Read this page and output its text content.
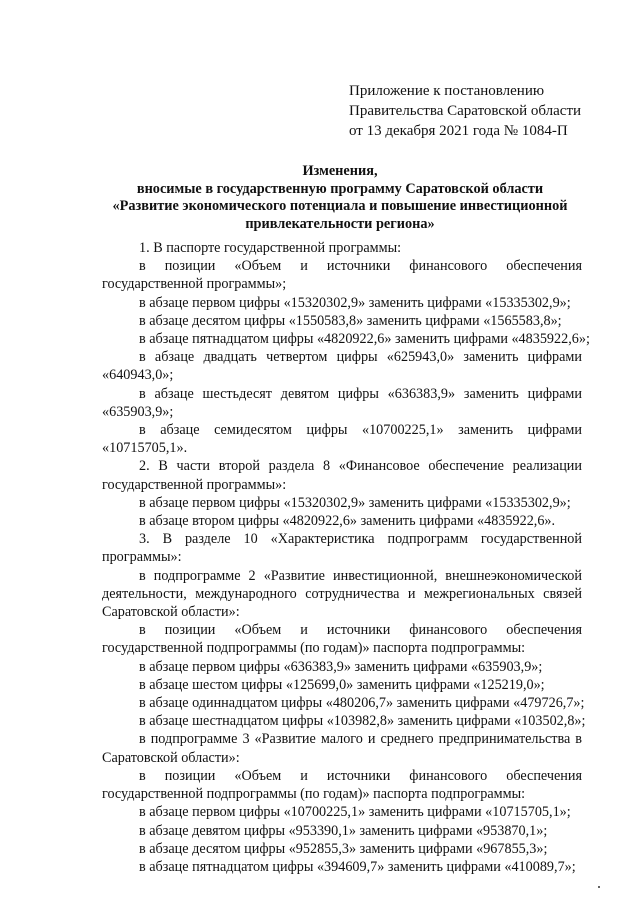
Приложение к постановлению
Правительства Саратовской области
от 13 декабря 2021 года № 1084-П
Изменения,
вносимые в государственную программу Саратовской области
«Развитие экономического потенциала и повышение инвестиционной привлекательности региона»
1. В паспорте государственной программы:
в позиции «Объем и источники финансового обеспечения государственной программы»;
в абзаце первом цифры «15320302,9» заменить цифрами «15335302,9»;
в абзаце десятом цифры «1550583,8» заменить цифрами «1565583,8»;
в абзаце пятнадцатом цифры «4820922,6» заменить цифрами «4835922,6»;
в абзаце двадцать четвертом цифры «625943,0» заменить цифрами «640943,0»;
в абзаце шестьдесят девятом цифры «636383,9» заменить цифрами «635903,9»;
в абзаце семидесятом цифры «10700225,1» заменить цифрами «10715705,1».
2. В части второй раздела 8 «Финансовое обеспечение реализации государственной программы»:
в абзаце первом цифры «15320302,9» заменить цифрами «15335302,9»;
в абзаце втором цифры «4820922,6» заменить цифрами «4835922,6».
3. В разделе 10 «Характеристика подпрограмм государственной программы»:
в подпрограмме 2 «Развитие инвестиционной, внешнеэкономической деятельности, международного сотрудничества и межрегиональных связей Саратовской области»:
в позиции «Объем и источники финансового обеспечения государственной подпрограммы (по годам)» паспорта подпрограммы:
в абзаце первом цифры «636383,9» заменить цифрами «635903,9»;
в абзаце шестом цифры «125699,0» заменить цифрами «125219,0»;
в абзаце одиннадцатом цифры «480206,7» заменить цифрами «479726,7»;
в абзаце шестнадцатом цифры «103982,8» заменить цифрами «103502,8»;
в подпрограмме 3 «Развитие малого и среднего предпринимательства в Саратовской области»:
в позиции «Объем и источники финансового обеспечения государственной подпрограммы (по годам)» паспорта подпрограммы:
в абзаце первом цифры «10700225,1» заменить цифрами «10715705,1»;
в абзаце девятом цифры «953390,1» заменить цифрами «953870,1»;
в абзаце десятом цифры «952855,3» заменить цифрами «967855,3»;
в абзаце пятнадцатом цифры «394609,7» заменить цифрами «410089,7»;
